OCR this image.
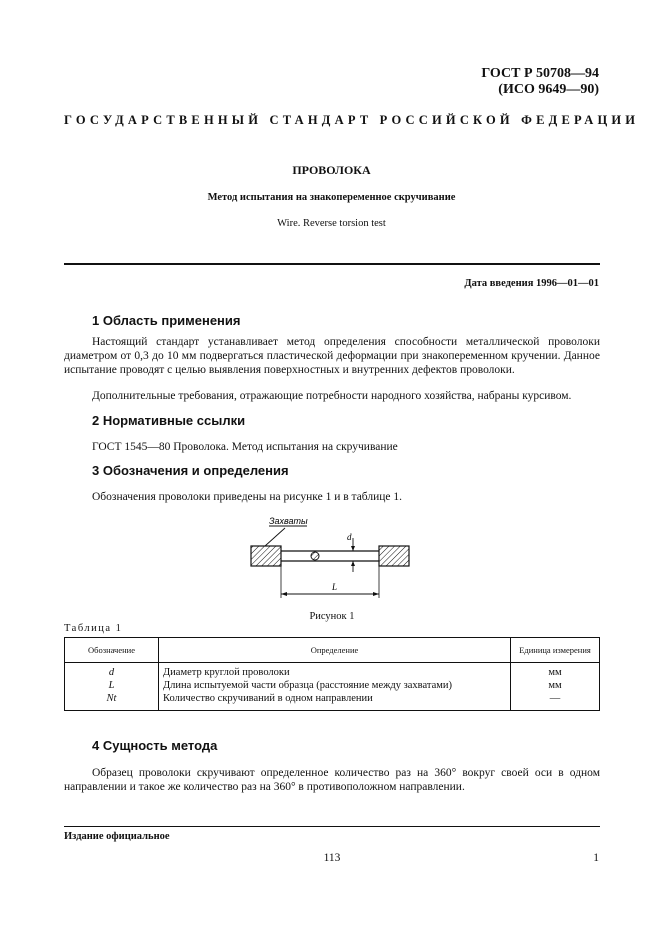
ГОСТ Р 50708—94
(ИСО 9649—90)
ГОСУДАРСТВЕННЫЙ СТАНДАРТ РОССИЙСКОЙ ФЕДЕРАЦИИ
ПРОВОЛОКА
Метод испытания на знакопеременное скручивание
Wire. Reverse torsion test
Дата введения 1996—01—01
1 Область применения
Настоящий стандарт устанавливает метод определения способности металлической проволоки диаметром от 0,3 до 10 мм подвергаться пластической деформации при знакопеременном кручении. Данное испытание проводят с целью выявления поверхностных и внутренних дефектов проволоки.
Дополнительные требования, отражающие потребности народного хозяйства, набраны курсивом.
2 Нормативные ссылки
ГОСТ 1545—80 Проволока. Метод испытания на скручивание
3 Обозначения и определения
Обозначения проволоки приведены на рисунке 1 и в таблице 1.
Захваты
d
L
Рисунок 1
Таблица 1
Обозначение	Определение	Единица измерения
d	Диаметр круглой проволоки	мм
L	Длина испытуемой части образца (расстояние между захватами)	мм
Nt	Количество скручиваний в одном направлении	—
4 Сущность метода
Образец проволоки скручивают определенное количество раз на 360° вокруг своей оси в одном направлении и такое же количество раз на 360° в противоположном направлении.
Издание официальное
113	1
